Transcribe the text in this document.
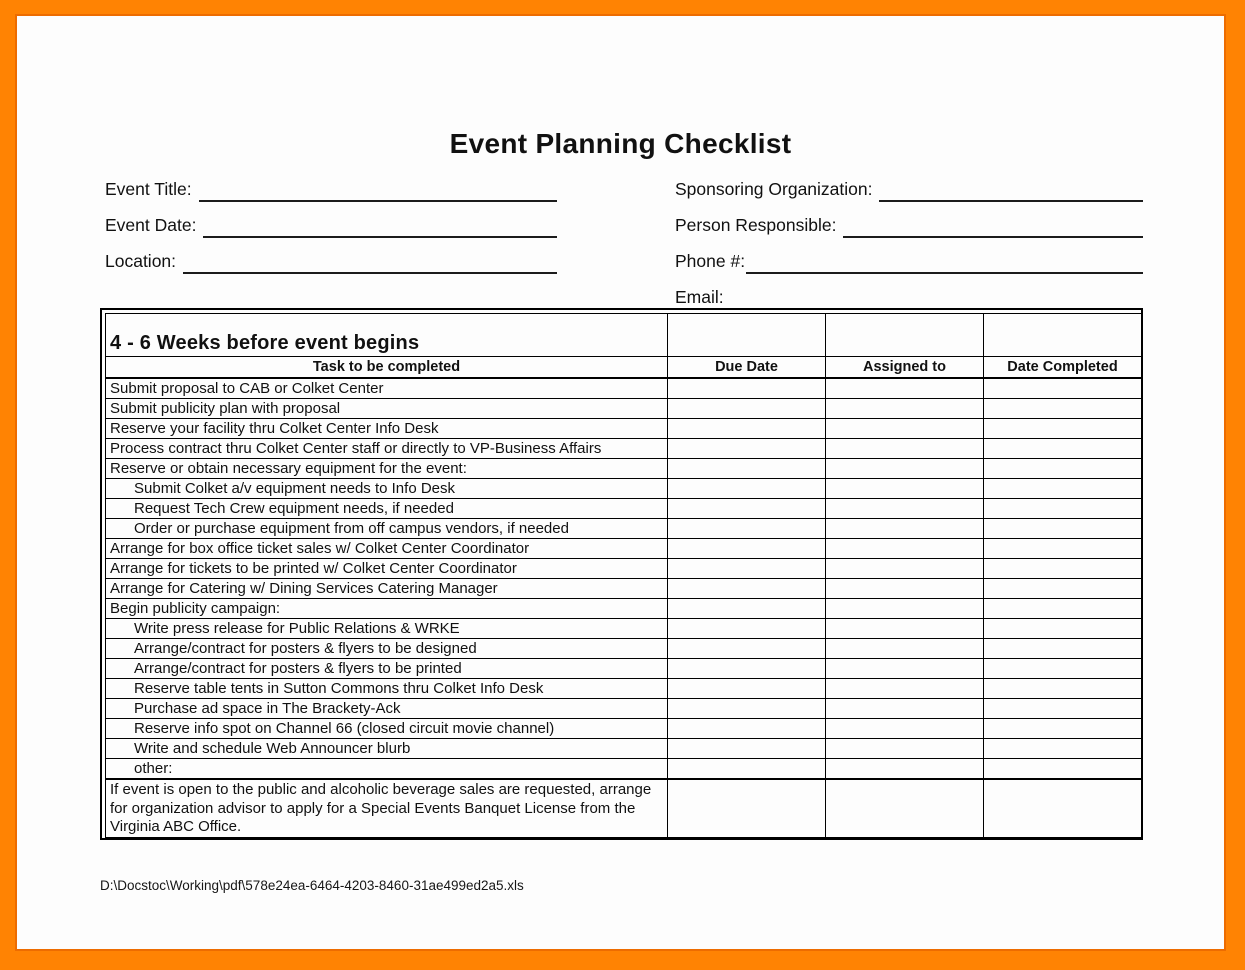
Event Planning Checklist
Event Title:
Event Date:
Location:
Sponsoring Organization:
Person Responsible:
Phone #:
Email:
4 - 6 Weeks before event begins			
Task to be completed	Due Date	Assigned to	Date Completed
Submit proposal to CAB or Colket Center			
Submit publicity plan with proposal			
Reserve your facility thru Colket Center Info Desk			
Process contract thru Colket Center staff or directly to VP-Business Affairs			
Reserve or obtain necessary equipment for the event:			
Submit Colket a/v equipment needs to Info Desk			
Request Tech Crew equipment needs, if needed			
Order or purchase equipment from off campus vendors, if needed			
Arrange for box office ticket sales w/ Colket Center Coordinator			
Arrange for tickets to be printed w/ Colket Center Coordinator			
Arrange for Catering w/ Dining Services Catering Manager			
Begin publicity campaign:			
Write press release for Public Relations & WRKE			
Arrange/contract for posters & flyers to be designed			
Arrange/contract for posters & flyers to be printed			
Reserve table tents in Sutton Commons thru Colket Info Desk			
Purchase ad space in The Brackety-Ack			
Reserve info spot on Channel 66 (closed circuit movie channel)			
Write and schedule Web Announcer blurb			
other:			
If event is open to the public and alcoholic beverage sales are requested, arrange for organization advisor to apply for a Special Events Banquet License from the Virginia ABC Office.			
D:\Docstoc\Working\pdf\578e24ea-6464-4203-8460-31ae499ed2a5.xls
